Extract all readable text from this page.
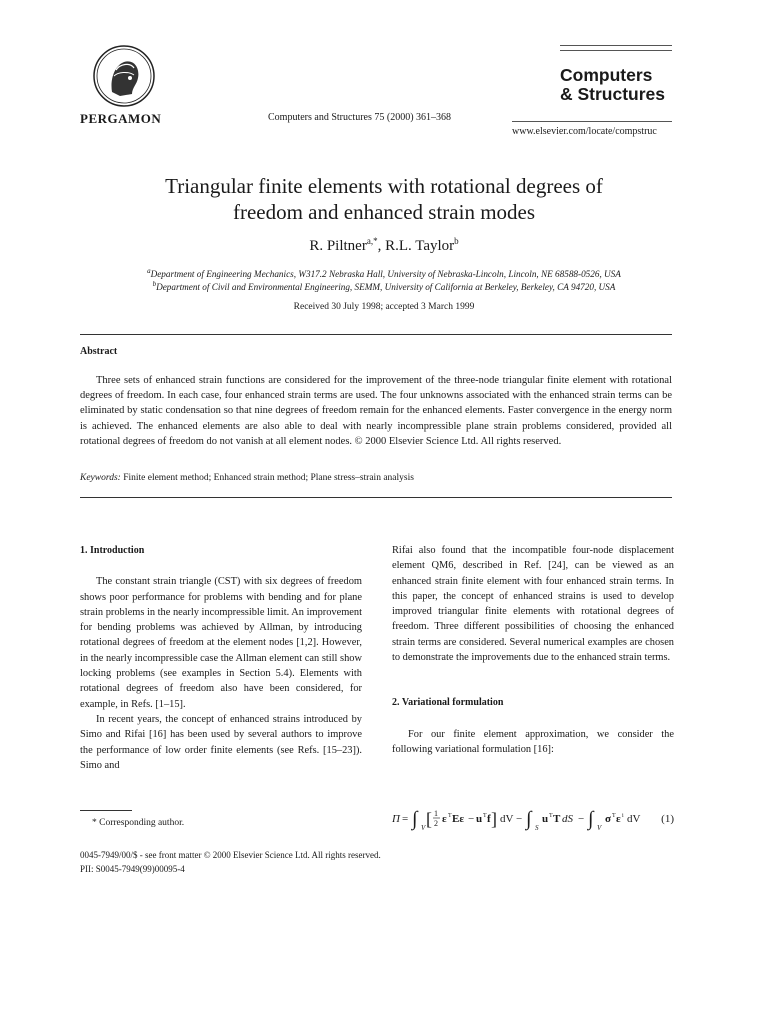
PERGAMON	Computers and Structures 75 (2000) 361–368
Computers
& Structures
www.elsevier.com/locate/compstruc
Triangular finite elements with rotational degrees of
freedom and enhanced strain modes
R. Piltner$^{a,*}$, R.L. Taylor$^b$
$^a$Department of Engineering Mechanics, W317.2 Nebraska Hall, University of Nebraska-Lincoln, Lincoln, NE 68588-0526, USA
$^b$Department of Civil and Environmental Engineering, SEMM, University of California at Berkeley, Berkeley, CA 94720, USA
Received 30 July 1998; accepted 3 March 1999
Abstract
Three sets of enhanced strain functions are considered for the improvement of the three-node triangular finite element with rotational degrees of freedom. In each case, four enhanced strain terms are used. The four unknowns associated with the enhanced strain terms can be eliminated by static condensation so that nine degrees of freedom remain for the enhanced elements. Faster convergence in the energy norm is achieved. The enhanced elements are also able to deal with nearly incompressible plane strain problems considered, provided all rotational degrees of freedom do not vanish at all element nodes. © 2000 Elsevier Science Ltd. All rights reserved.
Keywords: Finite element method; Enhanced strain method; Plane stress–strain analysis
1. Introduction

The constant strain triangle (CST) with six degrees of freedom shows poor performance for problems with bending and for plane strain problems in the nearly incompressible limit. An improvement for bending problems was achieved by Allman, by introducing rotational degrees of freedom at the element nodes [1,2]. However, in the nearly incompressible case the Allman element can still show locking problems (see examples in Section 5.4). Elements with rotational degrees of freedom also have been considered, for example, in Refs. [1–15].

In recent years, the concept of enhanced strains introduced by Simo and Rifai [16] has been used by several authors to improve the performance of low order finite elements (see Refs. [15–23]). Simo and

Rifai also found that the incompatible four-node displacement element QM6, described in Ref. [24], can be viewed as an enhanced strain finite element with four enhanced strain terms. In this paper, the concept of enhanced strains is used to develop improved triangular finite elements with rotational degrees of freedom. Three different possibilities of choosing the enhanced strain terms are considered. Several numerical examples are chosen to demonstrate the improvements due to the enhanced strain terms.

2. Variational formulation

For our finite element approximation, we consider the following variational formulation [16]:

Π = ∫ V [ 1
2 ε T Eε − u T f ] dV − ∫ S
u T T dS − ∫ V
σ T ε i dV (1)
* Corresponding author.
0045-7949/00/$ - see front matter © 2000 Elsevier Science Ltd. All rights reserved.
PII: S0045-7949(99)00095-4
